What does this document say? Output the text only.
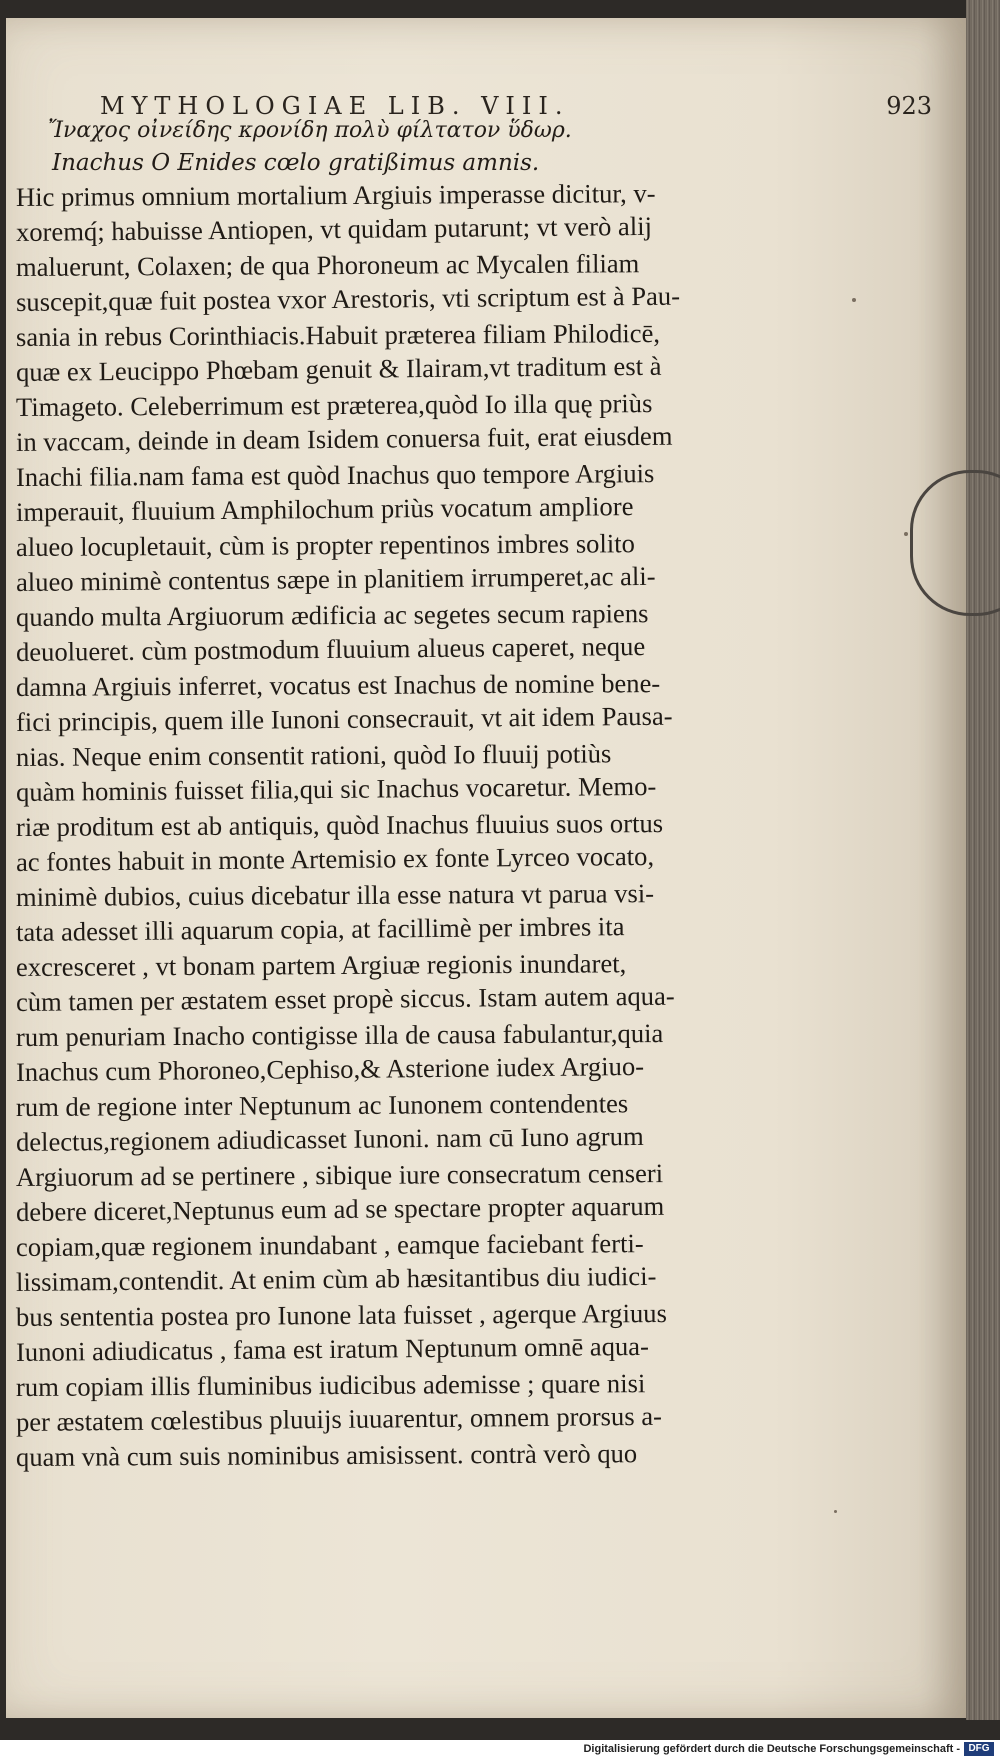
MYTHOLOGIAE LIB. VIII.	923
Ἴναχος οἰνείδης κρονίδη πολὺ φίλτατον ὕδωρ.
Inachus O Enides cœlo gratißimus amnis.
Hic primus omnium mortalium Argiuis imperasse dicitur, v-
xoremq́; habuisse Antiopen, vt quidam putarunt; vt verò alij
maluerunt, Colaxen; de qua Phoroneum ac Mycalen filiam
suscepit,quæ fuit postea vxor Arestoris, vti scriptum est à Pau-
sania in rebus Corinthiacis.Habuit præterea filiam Philodicē,
quæ ex Leucippo Phœbam genuit & Ilairam,vt traditum est à
Timageto. Celeberrimum est præterea,quòd Io illa quę priùs
in vaccam, deinde in deam Isidem conuersa fuit, erat eiusdem
Inachi filia.nam fama est quòd Inachus quo tempore Argiuis
imperauit, fluuium Amphilochum priùs vocatum ampliore
alueo locupletauit, cùm is propter repentinos imbres solito
alueo minimè contentus sæpe in planitiem irrumperet,ac ali-
quando multa Argiuorum ædificia ac segetes secum rapiens
deuolueret. cùm postmodum fluuium alueus caperet, neque
damna Argiuis inferret, vocatus est Inachus de nomine bene-
fici principis, quem ille Iunoni consecrauit, vt ait idem Pausa-
nias. Neque enim consentit rationi, quòd Io fluuij potiùs
quàm hominis fuisset filia,qui sic Inachus vocaretur. Memo-
riæ proditum est ab antiquis, quòd Inachus fluuius suos ortus
ac fontes habuit in monte Artemisio ex fonte Lyrceo vocato,
minimè dubios, cuius dicebatur illa esse natura vt parua vsi-
tata adesset illi aquarum copia, at facillimè per imbres ita
excresceret , vt bonam partem Argiuæ regionis inundaret,
cùm tamen per æstatem esset propè siccus. Istam autem aqua-
rum penuriam Inacho contigisse illa de causa fabulantur,quia
Inachus cum Phoroneo,Cephiso,& Asterione iudex Argiuo-
rum de regione inter Neptunum ac Iunonem contendentes
delectus,regionem adiudicasset Iunoni. nam cū Iuno agrum
Argiuorum ad se pertinere , sibique iure consecratum censeri
debere diceret,Neptunus eum ad se spectare propter aquarum
copiam,quæ regionem inundabant , eamque faciebant ferti-
lissimam,contendit. At enim cùm ab hæsitantibus diu iudici-
bus sententia postea pro Iunone lata fuisset , agerque Argiuus
Iunoni adiudicatus , fama est iratum Neptunum omnē aqua-
rum copiam illis fluminibus iudicibus ademisse ; quare nisi
per æstatem cœlestibus pluuijs iuuarentur, omnem prorsus a-
quam vnà cum suis nominibus amisissent. contrà verò quo
Digitalisierung gefördert durch die Deutsche Forschungsgemeinschaft - DFG
